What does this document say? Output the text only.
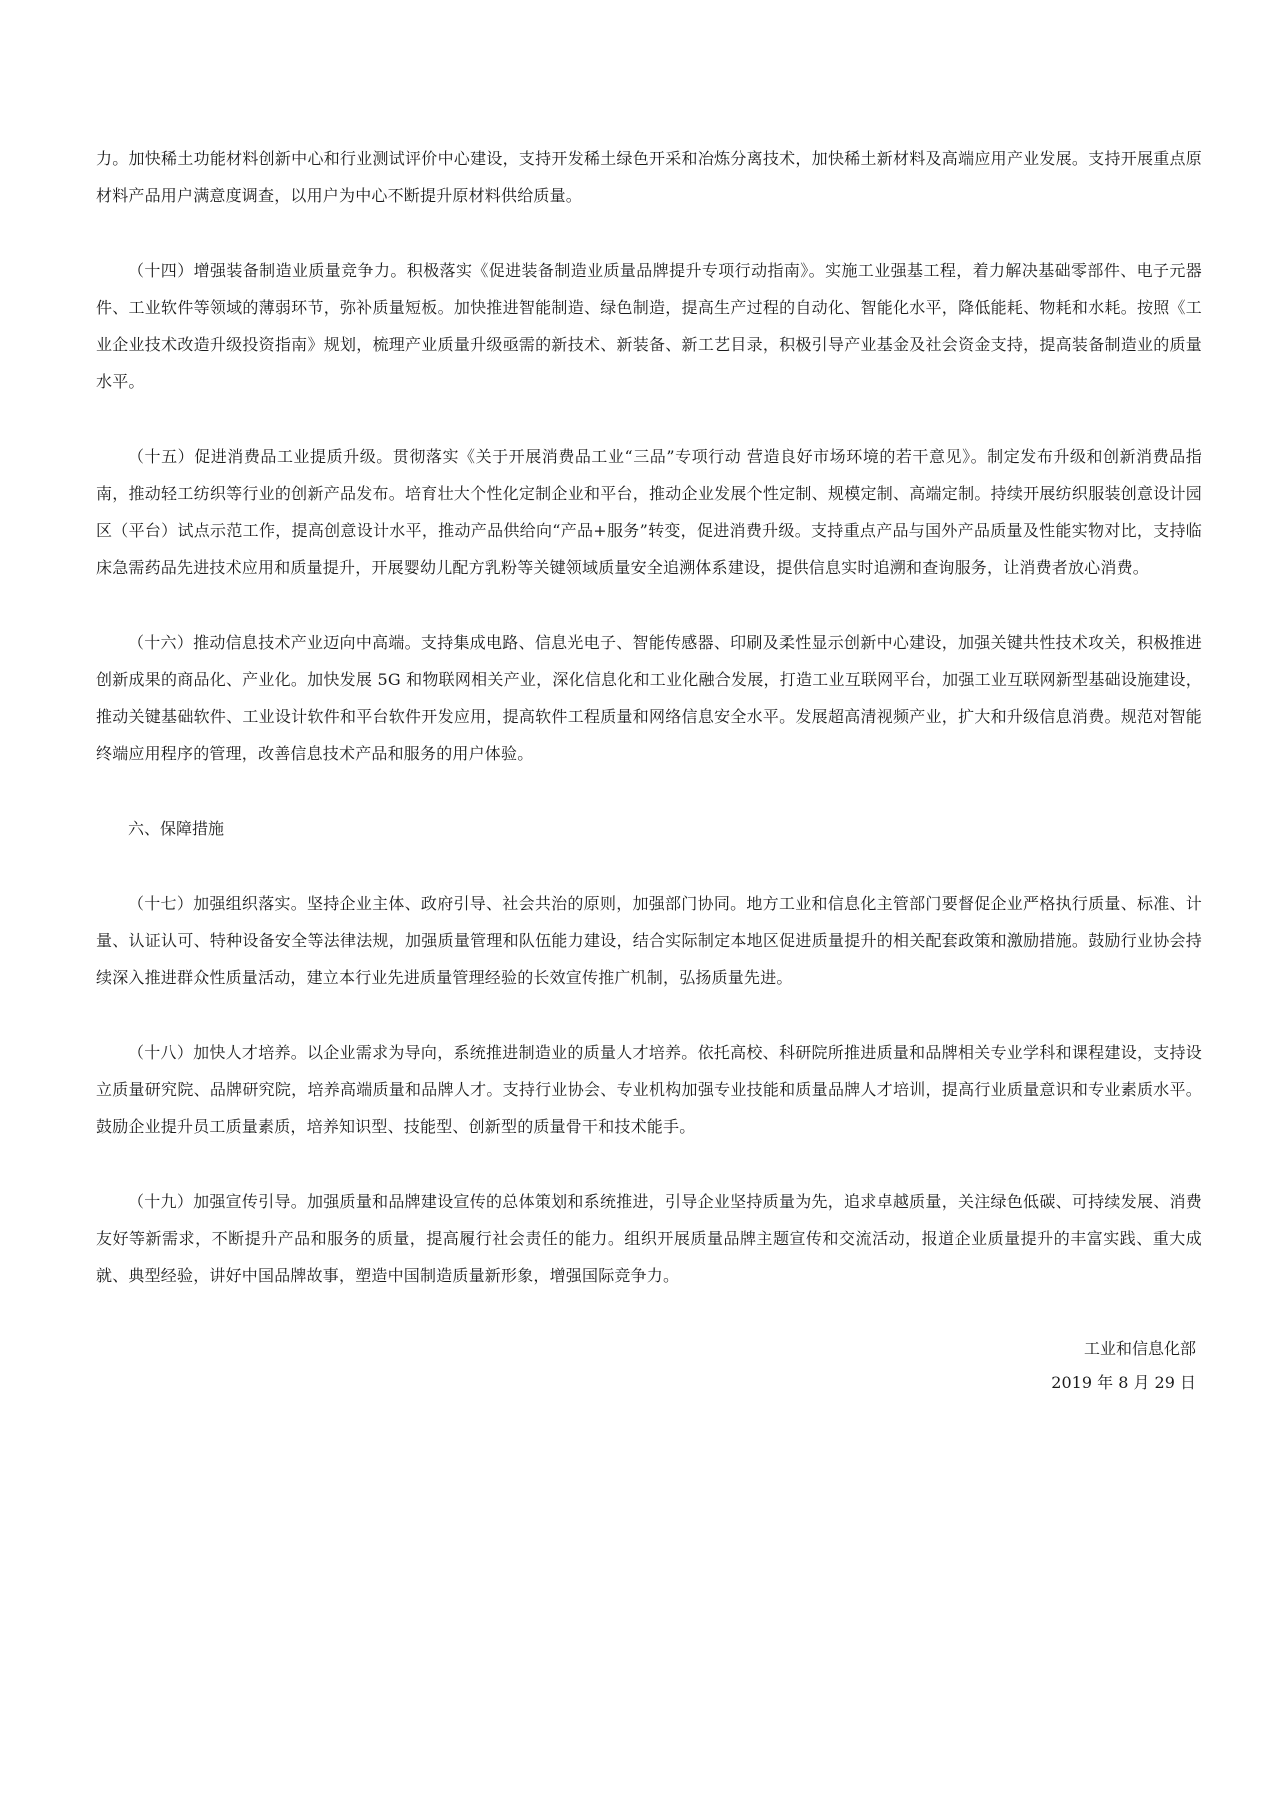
力。加快稀土功能材料创新中心和行业测试评价中心建设，支持开发稀土绿色开采和冶炼分离技术，加快稀土新材料及高端应用产业发展。支持开展重点原材料产品用户满意度调查，以用户为中心不断提升原材料供给质量。

（十四）增强装备制造业质量竞争力。积极落实《促进装备制造业质量品牌提升专项行动指南》。实施工业强基工程，着力解决基础零部件、电子元器件、工业软件等领域的薄弱环节，弥补质量短板。加快推进智能制造、绿色制造，提高生产过程的自动化、智能化水平，降低能耗、物耗和水耗。按照《工业企业技术改造升级投资指南》规划，梳理产业质量升级亟需的新技术、新装备、新工艺目录，积极引导产业基金及社会资金支持，提高装备制造业的质量水平。

（十五）促进消费品工业提质升级。贯彻落实《关于开展消费品工业“三品”专项行动 营造良好市场环境的若干意见》。制定发布升级和创新消费品指南，推动轻工纺织等行业的创新产品发布。培育壮大个性化定制企业和平台，推动企业发展个性定制、规模定制、高端定制。持续开展纺织服装创意设计园区（平台）试点示范工作，提高创意设计水平，推动产品供给向“产品+服务”转变，促进消费升级。支持重点产品与国外产品质量及性能实物对比，支持临床急需药品先进技术应用和质量提升，开展婴幼儿配方乳粉等关键领域质量安全追溯体系建设，提供信息实时追溯和查询服务，让消费者放心消费。

（十六）推动信息技术产业迈向中高端。支持集成电路、信息光电子、智能传感器、印刷及柔性显示创新中心建设，加强关键共性技术攻关，积极推进创新成果的商品化、产业化。加快发展 5G 和物联网相关产业，深化信息化和工业化融合发展，打造工业互联网平台，加强工业互联网新型基础设施建设，推动关键基础软件、工业设计软件和平台软件开发应用，提高软件工程质量和网络信息安全水平。发展超高清视频产业，扩大和升级信息消费。规范对智能终端应用程序的管理，改善信息技术产品和服务的用户体验。

六、保障措施

（十七）加强组织落实。坚持企业主体、政府引导、社会共治的原则，加强部门协同。地方工业和信息化主管部门要督促企业严格执行质量、标准、计量、认证认可、特种设备安全等法律法规，加强质量管理和队伍能力建设，结合实际制定本地区促进质量提升的相关配套政策和激励措施。鼓励行业协会持续深入推进群众性质量活动，建立本行业先进质量管理经验的长效宣传推广机制，弘扬质量先进。

（十八）加快人才培养。以企业需求为导向，系统推进制造业的质量人才培养。依托高校、科研院所推进质量和品牌相关专业学科和课程建设，支持设立质量研究院、品牌研究院，培养高端质量和品牌人才。支持行业协会、专业机构加强专业技能和质量品牌人才培训，提高行业质量意识和专业素质水平。鼓励企业提升员工质量素质，培养知识型、技能型、创新型的质量骨干和技术能手。

（十九）加强宣传引导。加强质量和品牌建设宣传的总体策划和系统推进，引导企业坚持质量为先，追求卓越质量，关注绿色低碳、可持续发展、消费友好等新需求，不断提升产品和服务的质量，提高履行社会责任的能力。组织开展质量品牌主题宣传和交流活动，报道企业质量提升的丰富实践、重大成就、典型经验，讲好中国品牌故事，塑造中国制造质量新形象，增强国际竞争力。

工业和信息化部

2019 年 8 月 29 日
